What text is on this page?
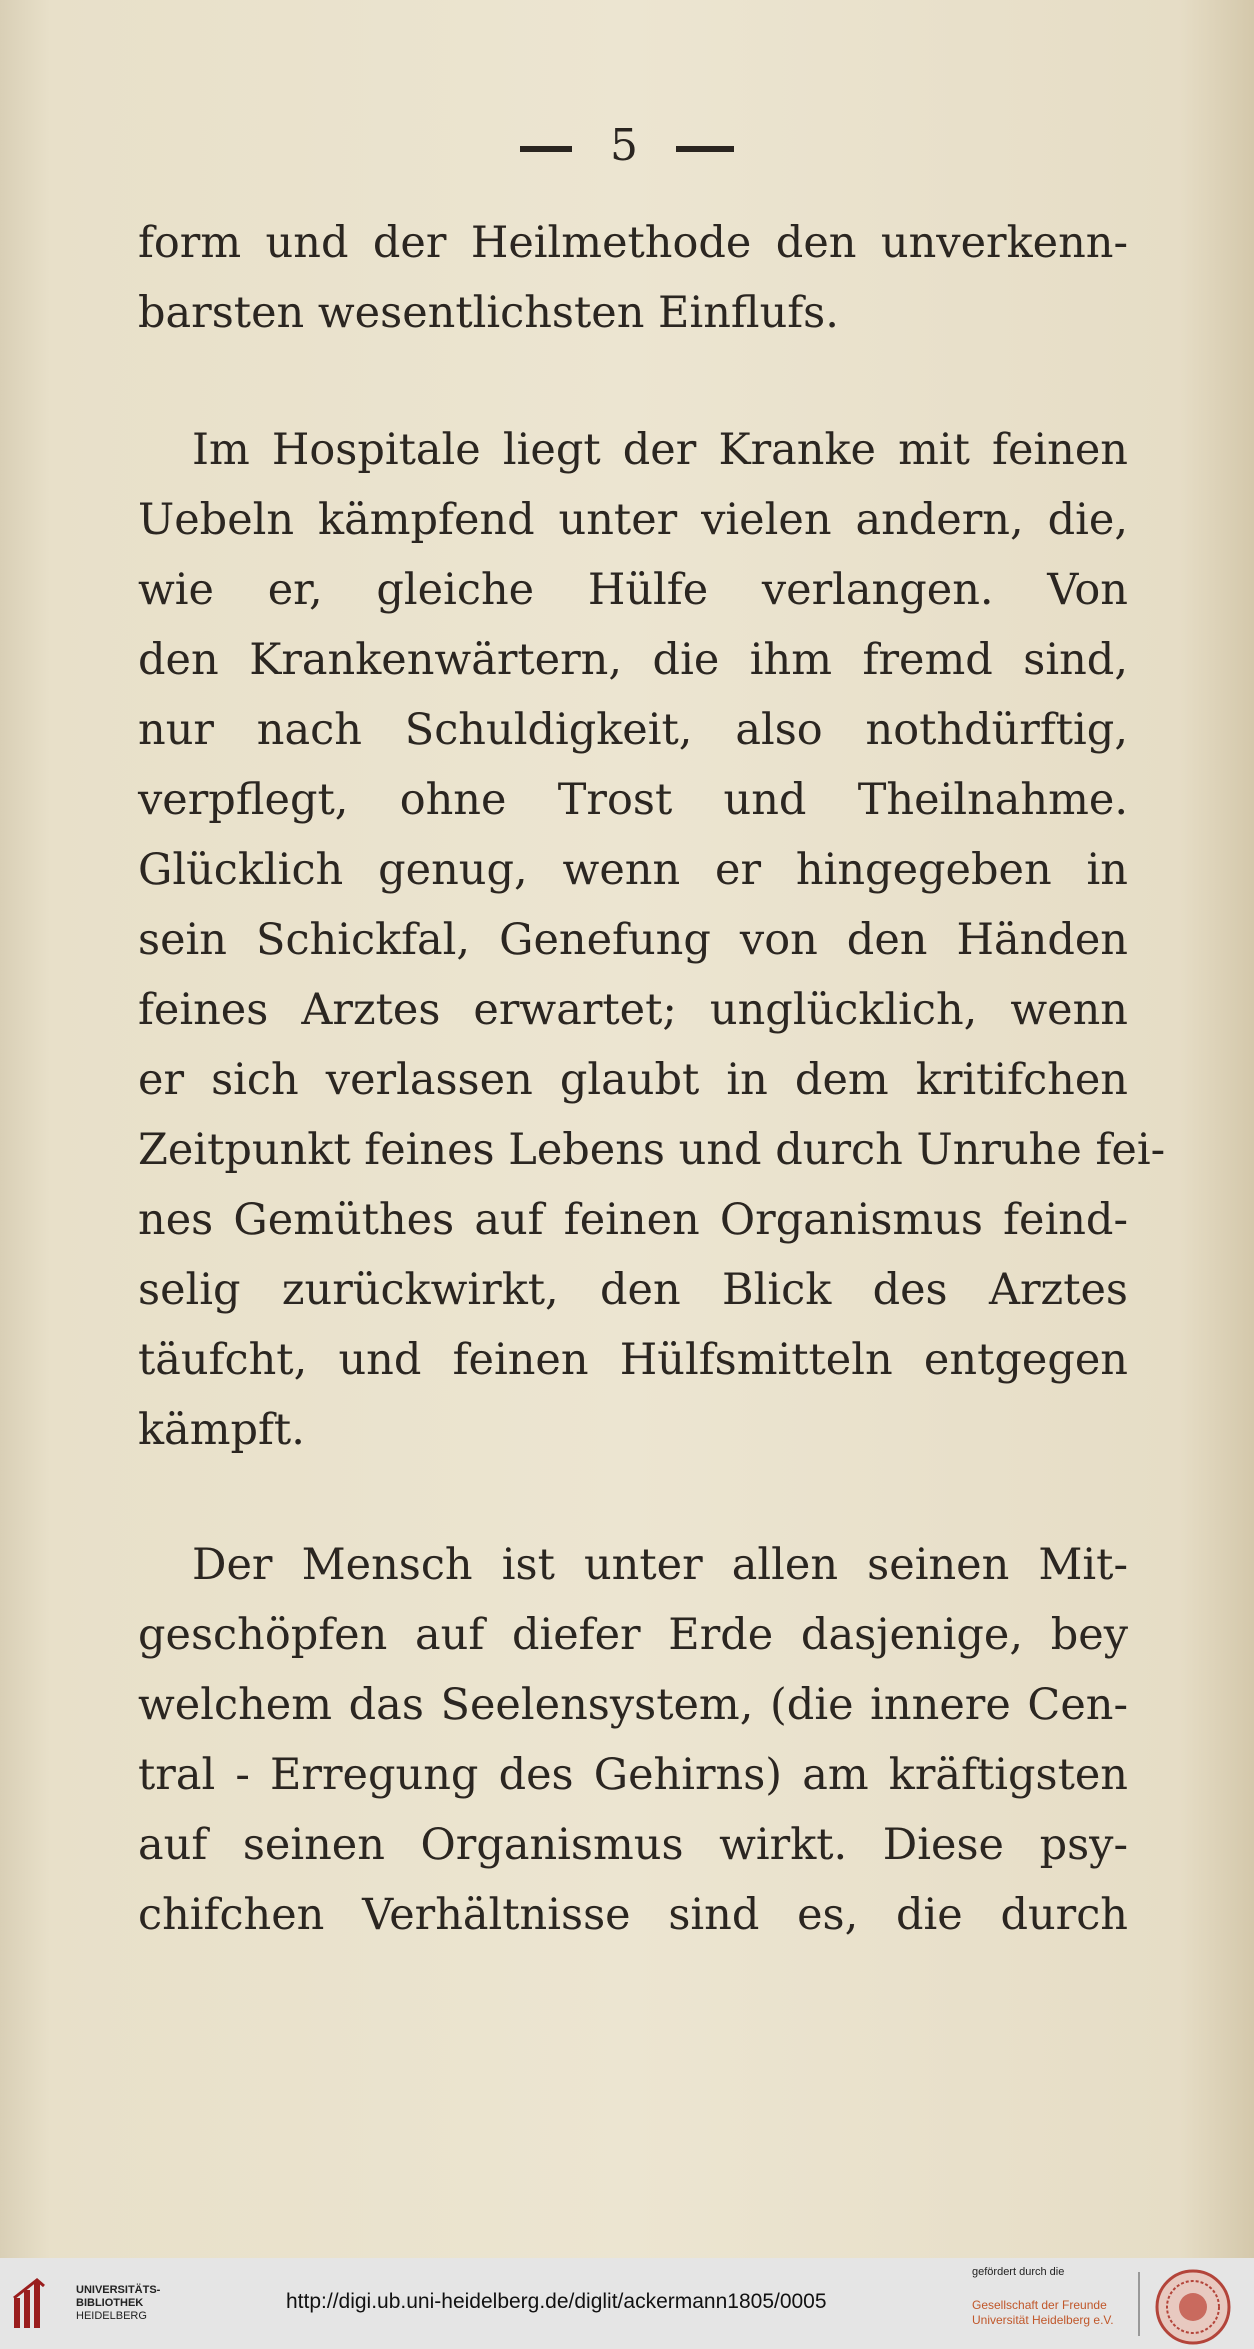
5
form und der Heilmethode den unverkenn-
barsten wesentlichsten Einflufs.
Im Hospitale liegt der Kranke mit feinen
Uebeln kämpfend unter vielen andern, die,
wie er, gleiche Hülfe verlangen. Von
den Krankenwärtern, die ihm fremd sind,
nur nach Schuldigkeit, also nothdürftig,
verpflegt, ohne Trost und Theilnahme.
Glücklich genug, wenn er hingegeben in
sein Schickfal, Genefung von den Händen
feines Arztes erwartet; unglücklich, wenn
er sich verlassen glaubt in dem kritifchen
Zeitpunkt feines Lebens und durch Unruhe fei-
nes Gemüthes auf feinen Organismus feind-
selig zurückwirkt, den Blick des Arztes
täufcht, und feinen Hülfsmitteln entgegen
kämpft.
Der Mensch ist unter allen seinen Mit-
geschöpfen auf diefer Erde dasjenige, bey
welchem das Seelensystem, (die innere Cen-
tral - Erregung des Gehirns) am kräftigsten
auf seinen Organismus wirkt. Diese psy-
chifchen Verhältnisse sind es, die durch
UNIVERSITÄTS-
BIBLIOTHEK
HEIDELBERG
http://digi.ub.uni-heidelberg.de/diglit/ackermann1805/0005
gefördert durch die
Gesellschaft der Freunde
Universität Heidelberg e.V.
